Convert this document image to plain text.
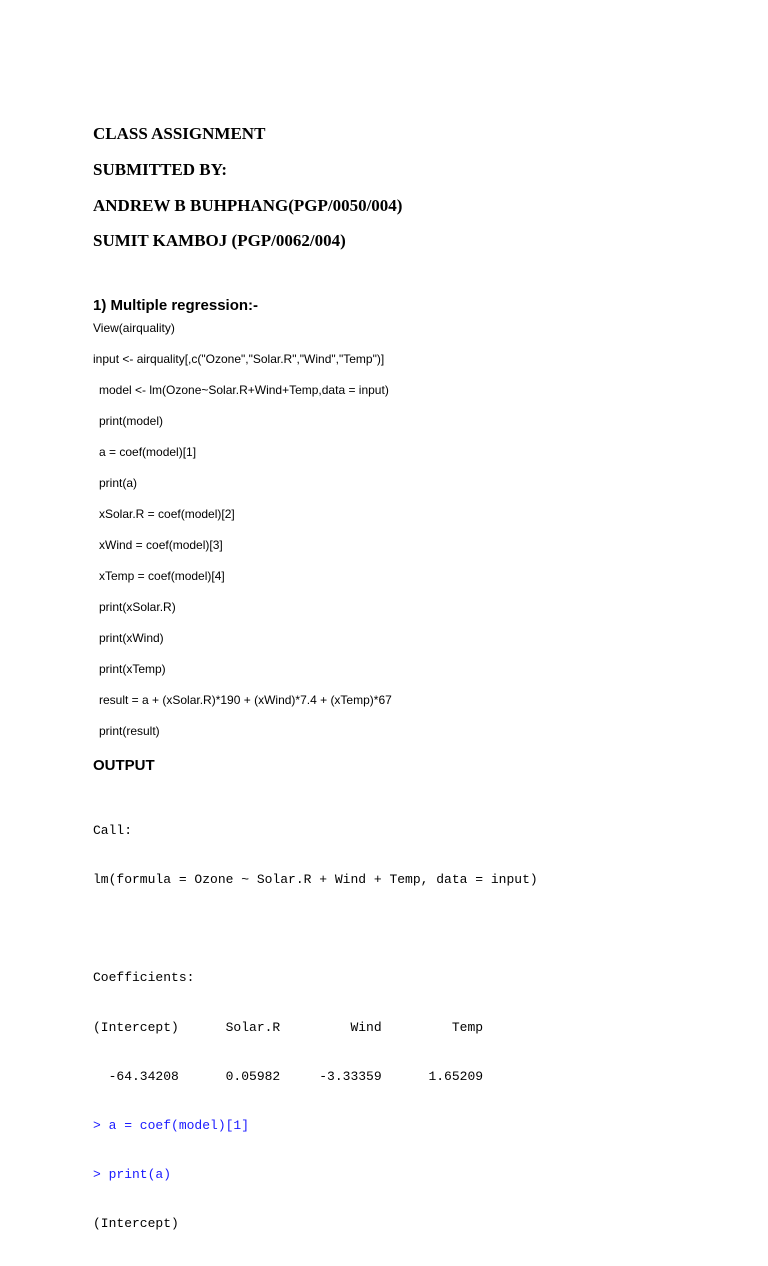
CLASS ASSIGNMENT
SUBMITTED BY:
ANDREW B BUHPHANG(PGP/0050/004)
SUMIT KAMBOJ (PGP/0062/004)
1) Multiple regression:-
View(airquality)
input <- airquality[,c("Ozone","Solar.R","Wind","Temp")]
model <- lm(Ozone~Solar.R+Wind+Temp,data = input)
print(model)
a = coef(model)[1]
print(a)
xSolar.R = coef(model)[2]
xWind = coef(model)[3]
xTemp = coef(model)[4]
print(xSolar.R)
print(xWind)
print(xTemp)
result = a + (xSolar.R)*190 + (xWind)*7.4 + (xTemp)*67
print(result)
OUTPUT

Call:

lm(formula = Ozone ~ Solar.R + Wind + Temp, data = input)

Coefficients:

(Intercept)      Solar.R         Wind         Temp

-64.34208      0.05982     -3.33359      1.65209

> a = coef(model)[1]

> print(a)

(Intercept)
